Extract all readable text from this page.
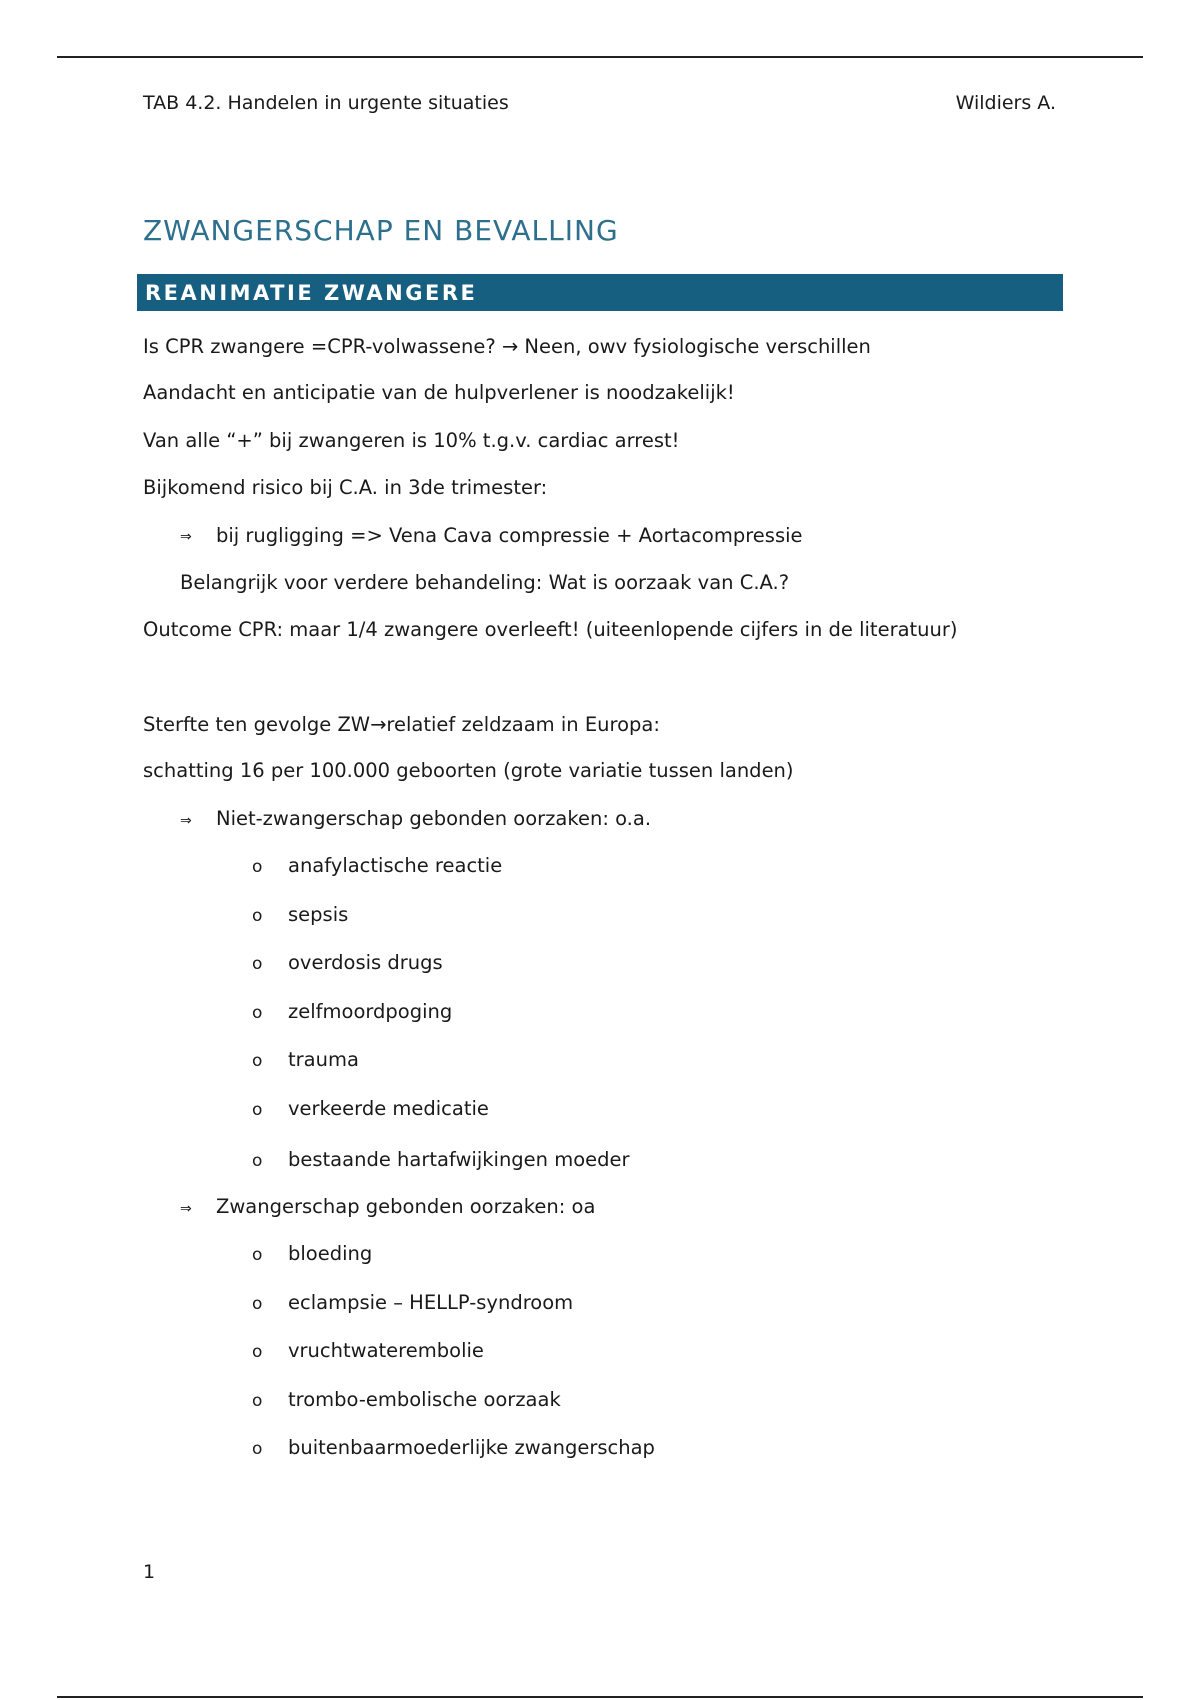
TAB 4.2. Handelen in urgente situaties	Wildiers A.
ZWANGERSCHAP EN BEVALLING
REANIMATIE ZWANGERE
Is CPR zwangere =CPR-volwassene? → Neen, owv fysiologische verschillen
Aandacht en anticipatie van de hulpverlener is noodzakelijk!
Van alle “+” bij zwangeren is 10% t.g.v. cardiac arrest!
Bijkomend risico bij C.A. in 3de trimester:
⇒ bij rugligging => Vena Cava compressie + Aortacompressie
Belangrijk voor verdere behandeling: Wat is oorzaak van C.A.?
Outcome CPR: maar 1/4 zwangere overleeft! (uiteenlopende cijfers in de literatuur)
Sterfte ten gevolge ZW→relatief zeldzaam in Europa:
schatting 16 per 100.000 geboorten (grote variatie tussen landen)
⇒ Niet-zwangerschap gebonden oorzaken: o.a.
o anafylactische reactie
o sepsis
o overdosis drugs
o zelfmoordpoging
o trauma
o verkeerde medicatie
o bestaande hartafwijkingen moeder
⇒ Zwangerschap gebonden oorzaken: oa
o bloeding
o eclampsie – HELLP-syndroom
o vruchtwaterembolie
o trombo-embolische oorzaak
o buitenbaarmoederlijke zwangerschap
1
